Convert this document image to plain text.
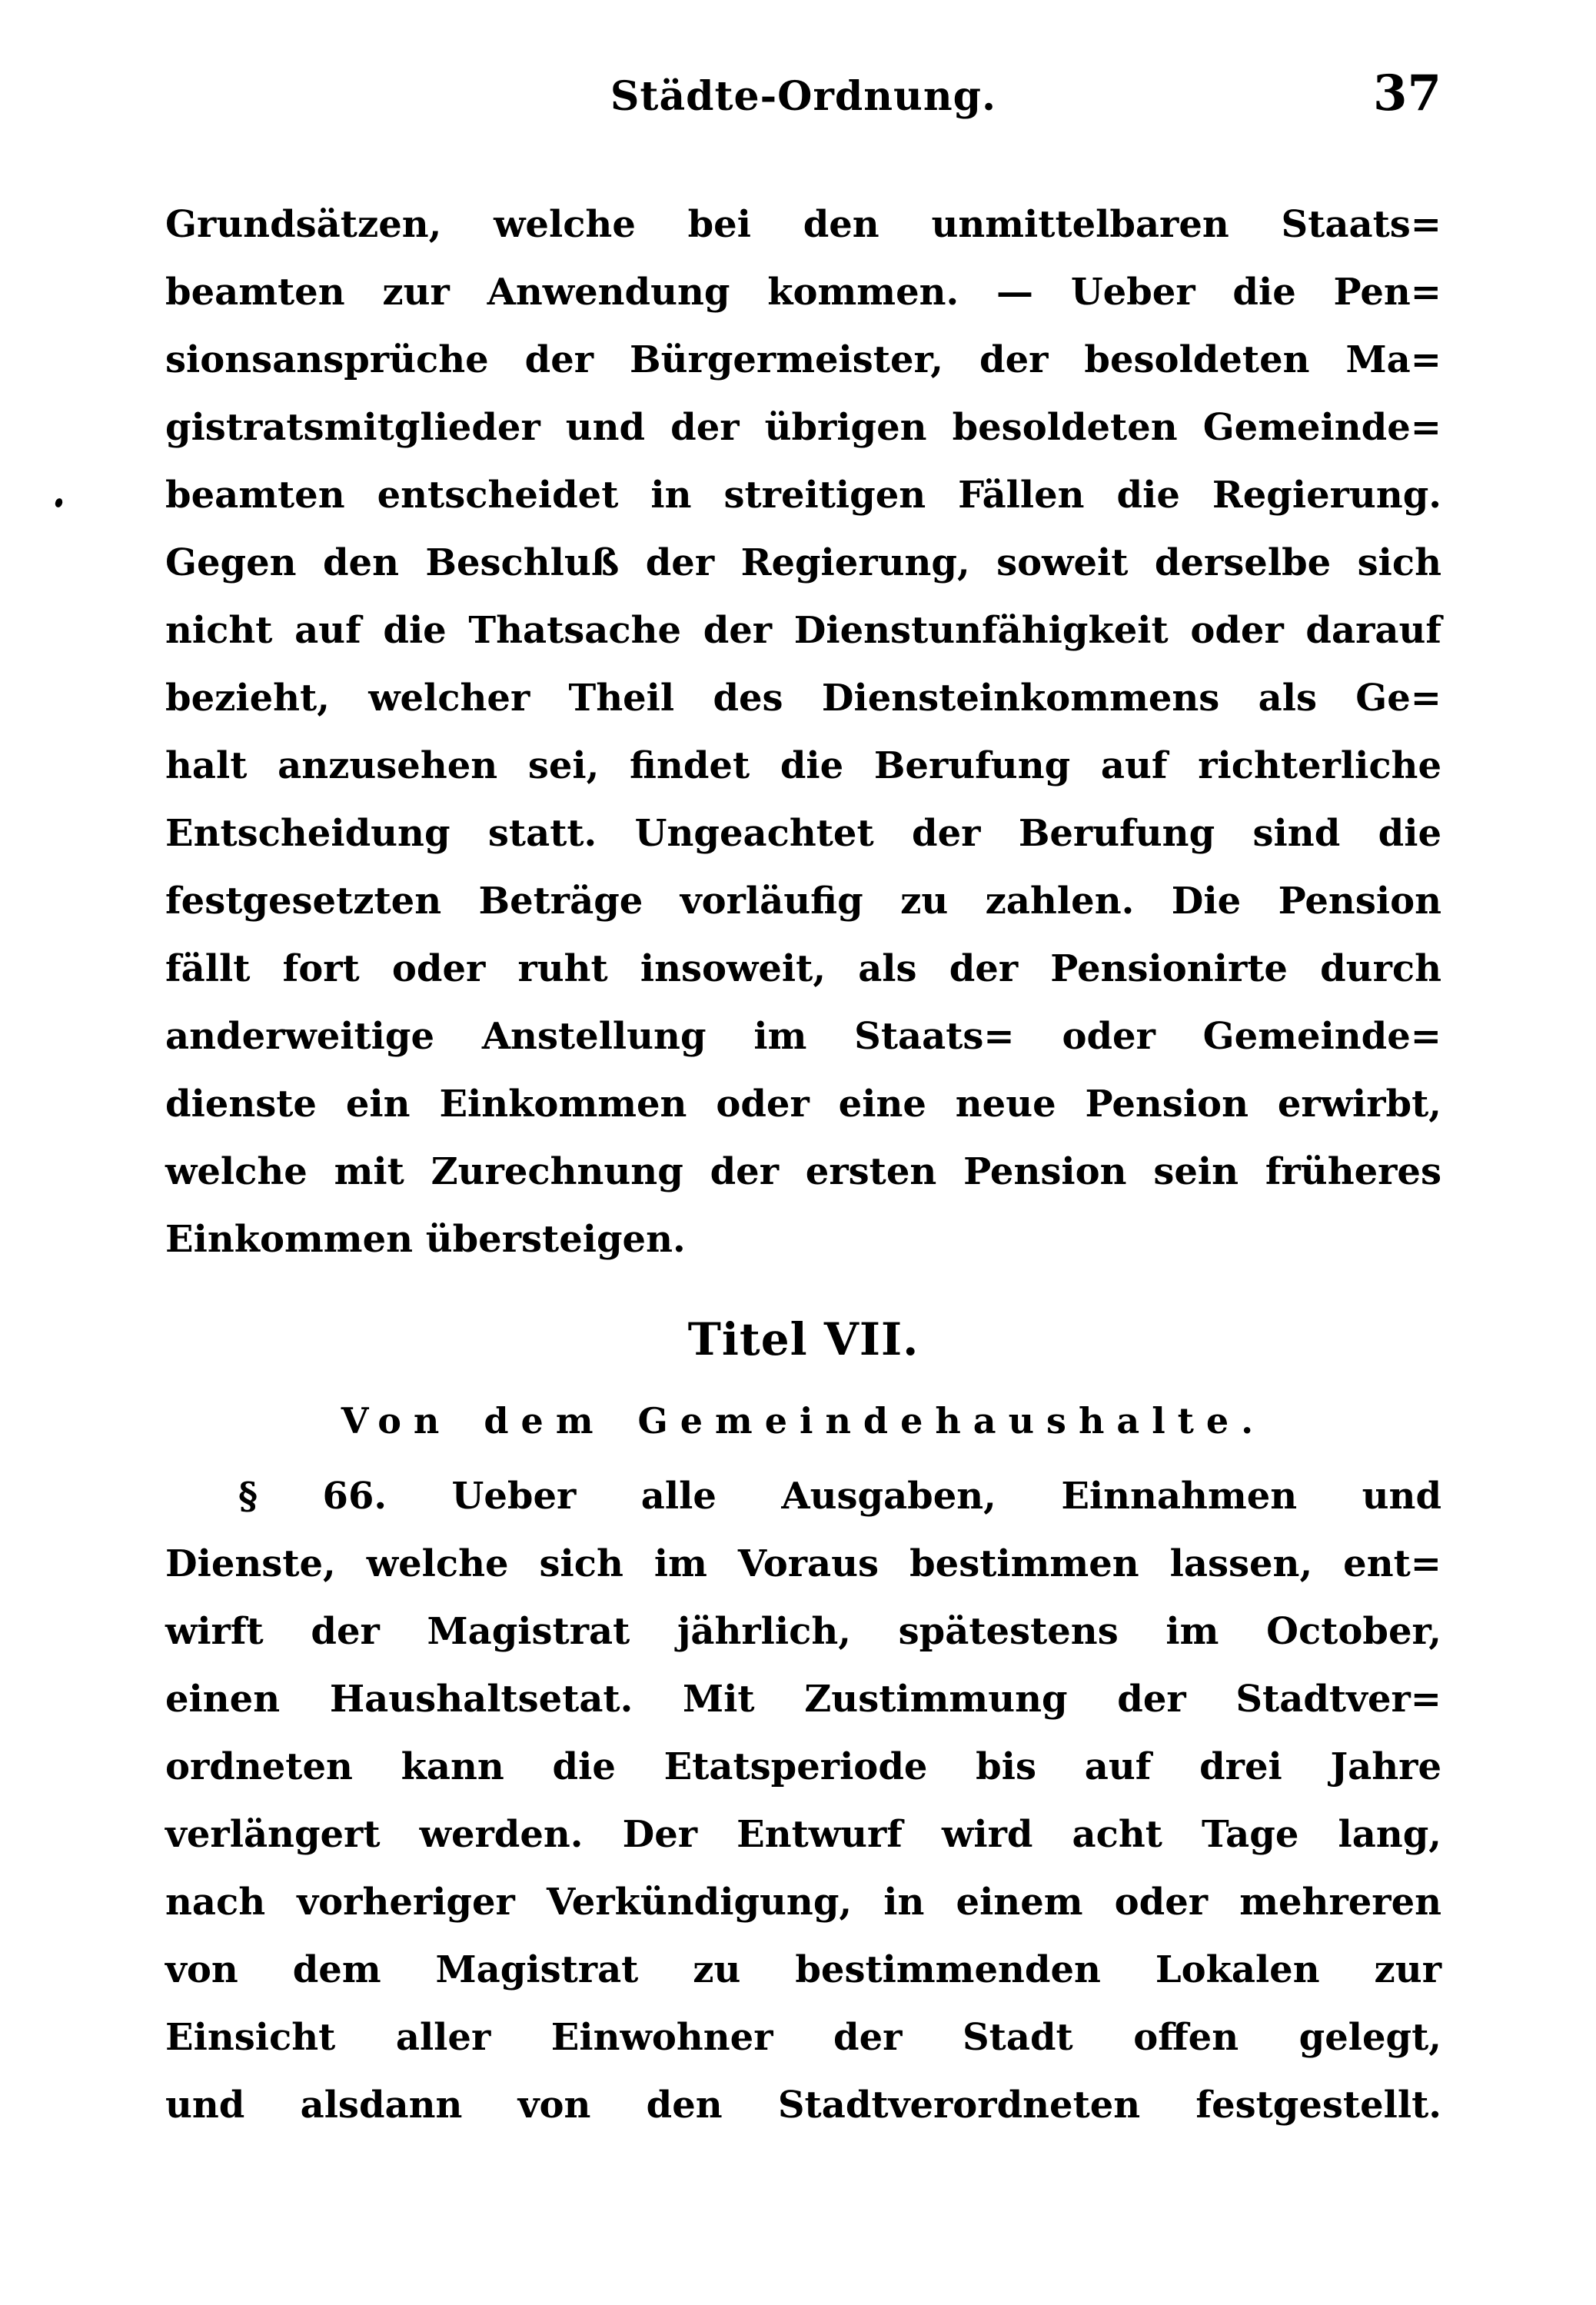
Städte-Ordnung.	37
Grundsätzen, welche bei den unmittelbaren Staats=
beamten zur Anwendung kommen. — Ueber die Pen=
sionsansprüche der Bürgermeister, der besoldeten Ma=
gistratsmitglieder und der übrigen besoldeten Gemeinde=
beamten entscheidet in streitigen Fällen die Regierung.
Gegen den Beschluß der Regierung, soweit derselbe sich
nicht auf die Thatsache der Dienstunfähigkeit oder darauf
bezieht, welcher Theil des Diensteinkommens als Ge=
halt anzusehen sei, findet die Berufung auf richterliche
Entscheidung statt. Ungeachtet der Berufung sind die
festgesetzten Beträge vorläufig zu zahlen. Die Pension
fällt fort oder ruht insoweit, als der Pensionirte durch
anderweitige Anstellung im Staats= oder Gemeinde=
dienste ein Einkommen oder eine neue Pension erwirbt,
welche mit Zurechnung der ersten Pension sein früheres
Einkommen übersteigen.
Titel VII.
Von dem Gemeindehaushalte.
§ 66. Ueber alle Ausgaben, Einnahmen und
Dienste, welche sich im Voraus bestimmen lassen, ent=
wirft der Magistrat jährlich, spätestens im October,
einen Haushaltsetat. Mit Zustimmung der Stadtver=
ordneten kann die Etatsperiode bis auf drei Jahre
verlängert werden. Der Entwurf wird acht Tage lang,
nach vorheriger Verkündigung, in einem oder mehreren
von dem Magistrat zu bestimmenden Lokalen zur
Einsicht aller Einwohner der Stadt offen gelegt,
und alsdann von den Stadtverordneten festgestellt.
